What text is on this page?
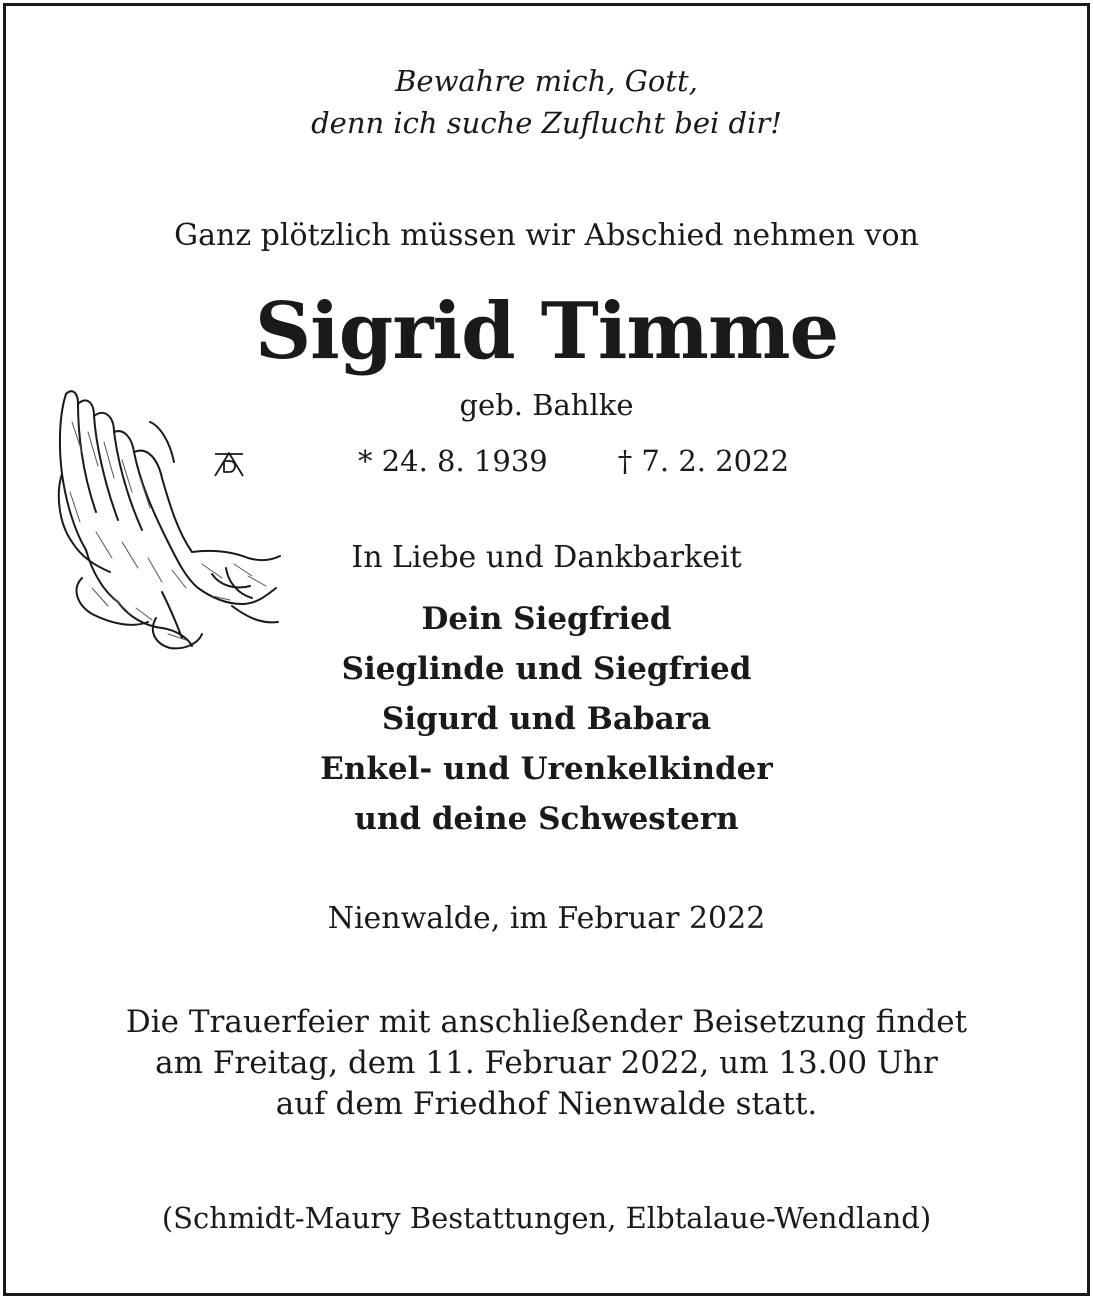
Bewahre mich, Gott,

denn ich suche Zuflucht bei dir!

Ganz plötzlich müssen wir Abschied nehmen von

Sigrid Timme

geb. Bahlke

* 24. 8. 1939 † 7. 2. 2022

In Liebe und Dankbarkeit

Dein Siegfried

Sieglinde und Siegfried

Sigurd und Babara

Enkel- und Urenkelkinder

und deine Schwestern

Nienwalde, im Februar 2022

Die Trauerfeier mit anschließender Beisetzung findet

am Freitag, dem 11. Februar 2022, um 13.00 Uhr

auf dem Friedhof Nienwalde statt.

(Schmidt-Maury Bestattungen, Elbtalaue-Wendland)
